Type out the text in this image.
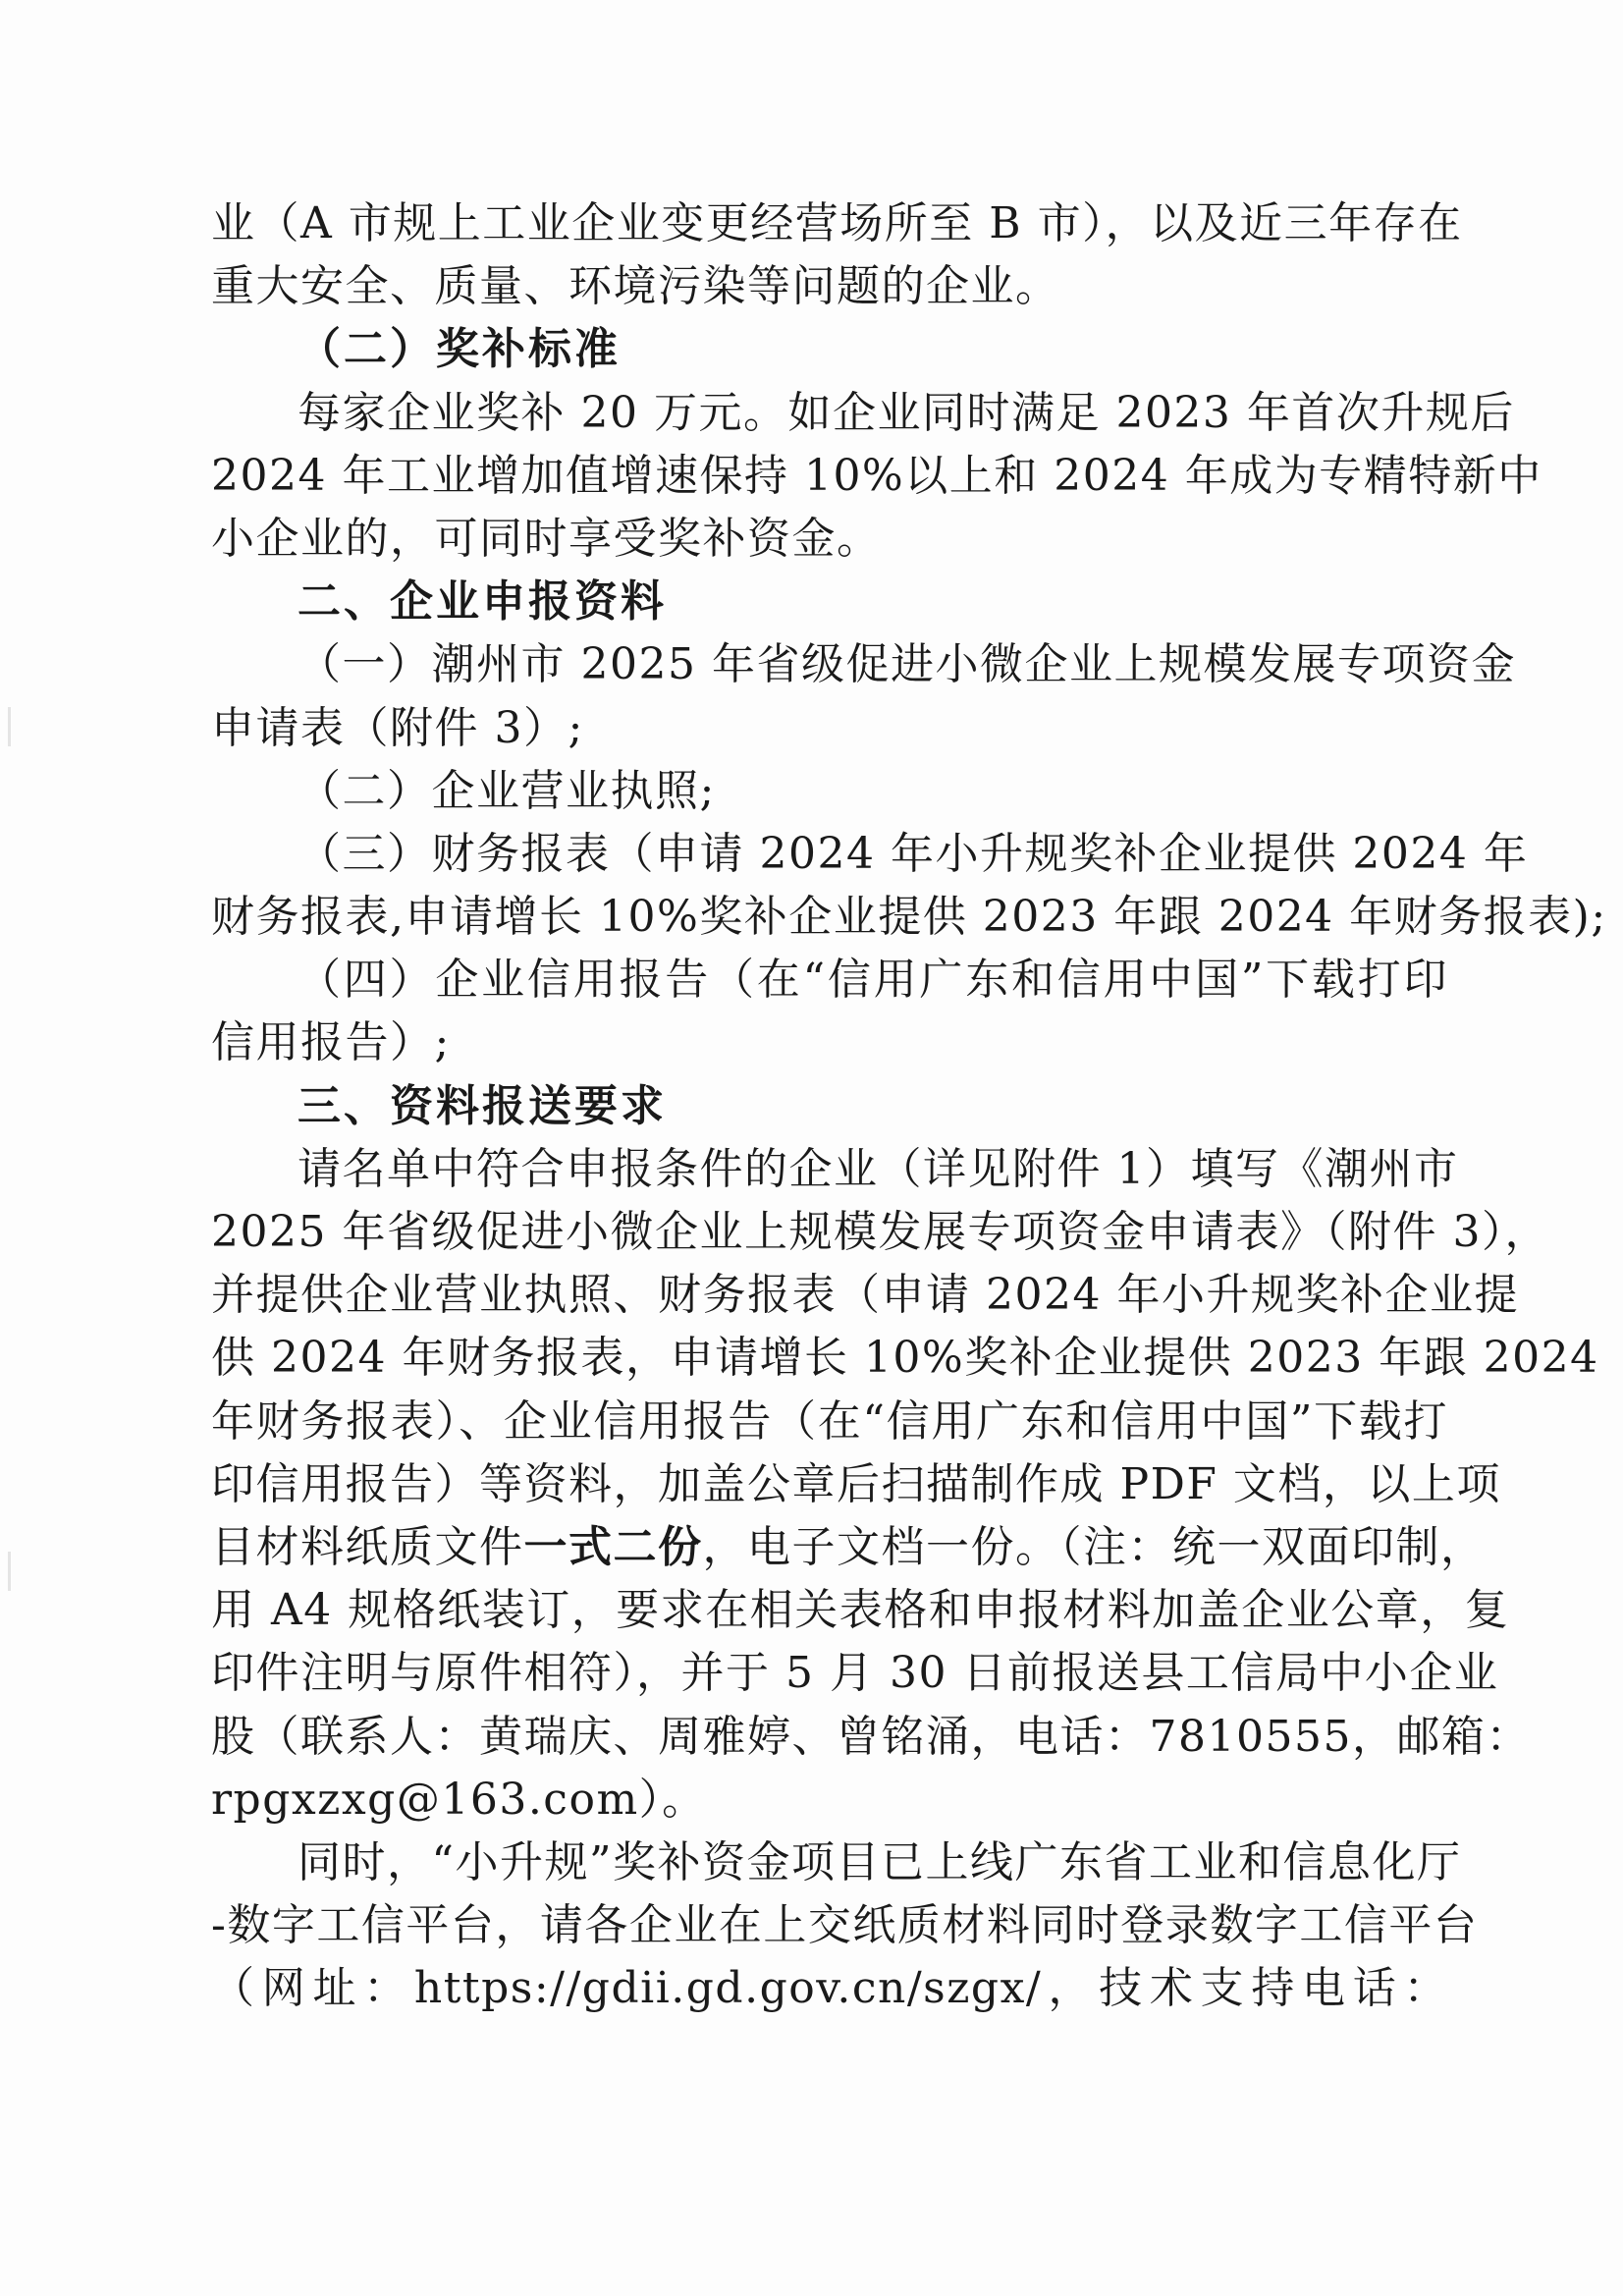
业（A 市规上工业企业变更经营场所至 B 市），以及近三年存在
重大安全、质量、环境污染等问题的企业。
（二）奖补标准
每家企业奖补 20 万元。如企业同时满足 2023 年首次升规后
2024 年工业增加值增速保持 10%以上和 2024 年成为专精特新中
小企业的，可同时享受奖补资金。
二、企业申报资料
（一）潮州市 2025 年省级促进小微企业上规模发展专项资金
申请表（附件 3）;
（二）企业营业执照;
（三）财务报表（申请 2024 年小升规奖补企业提供 2024 年
财务报表,申请增长 10%奖补企业提供 2023 年跟 2024 年财务报表);
（四）企业信用报告（在“信用广东和信用中国”下载打印
信用报告）;
三、资料报送要求
请名单中符合申报条件的企业（详见附件 1）填写《潮州市
2025 年省级促进小微企业上规模发展专项资金申请表》（附件 3），
并提供企业营业执照、财务报表（申请 2024 年小升规奖补企业提
供 2024 年财务报表，申请增长 10%奖补企业提供 2023 年跟 2024
年财务报表）、企业信用报告（在“信用广东和信用中国”下载打
印信用报告）等资料，加盖公章后扫描制作成 PDF 文档，以上项
目材料纸质文件一式二份，电子文档一份。（注：统一双面印制，
用 A4 规格纸装订，要求在相关表格和申报材料加盖企业公章，复
印件注明与原件相符），并于 5 月 30 日前报送县工信局中小企业
股（联系人：黄瑞庆、周雅婷、曾铭涌，电话：7810555，邮箱：
rpgxzxg@163.com）。
同时，“小升规”奖补资金项目已上线广东省工业和信息化厅
-数字工信平台，请各企业在上交纸质材料同时登录数字工信平台
（网址：https://gdii.gd.gov.cn/szgx/，技术支持电话：
